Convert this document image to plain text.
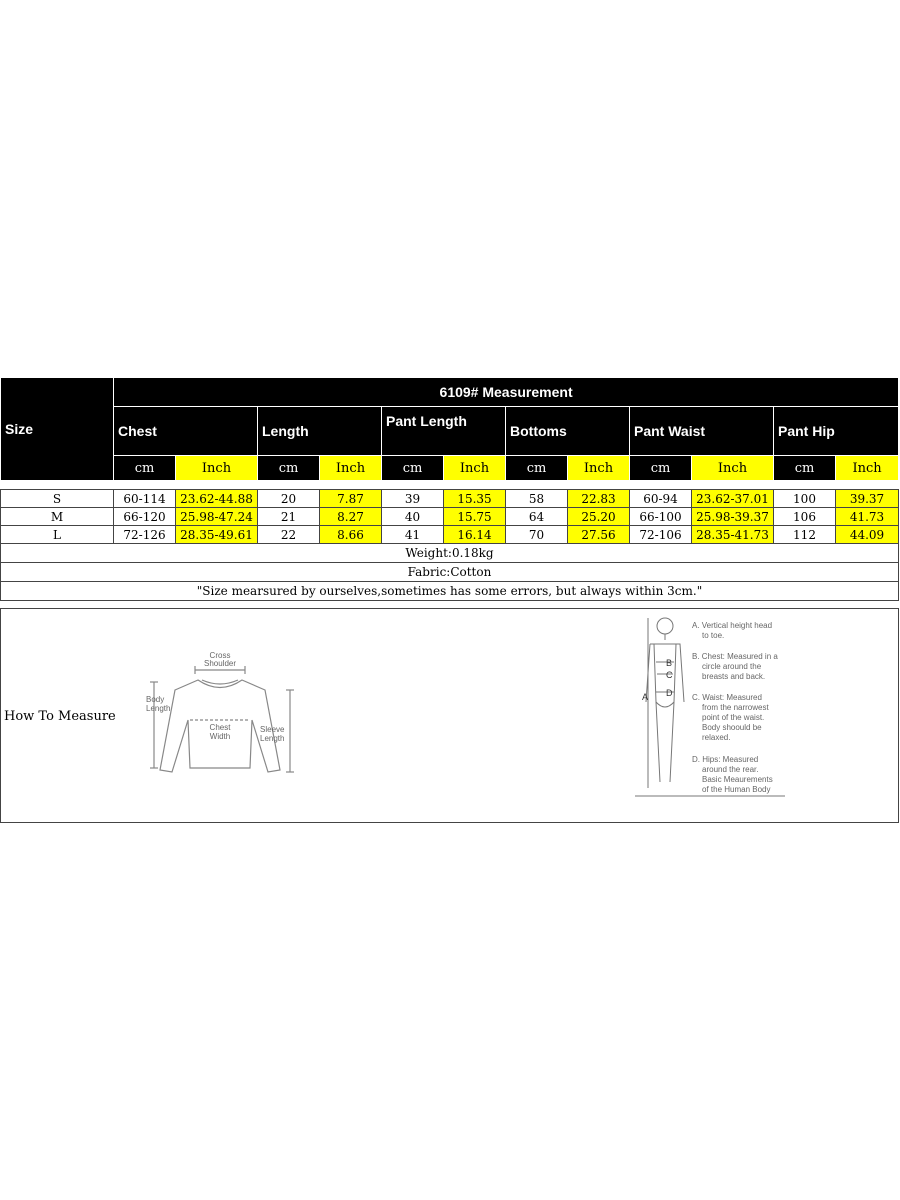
Size	6109# Measurement											
	Chest		Length		Pant Length		Bottoms		Pant Waist		Pant Hip	
	cm	Inch	cm	Inch	cm	Inch	cm	Inch	cm	Inch	cm	Inch
S	60-114	23.62-44.88	20	7.87	39	15.35	58	22.83	60-94	23.62-37.01	100	39.37
M	66-120	25.98-47.24	21	8.27	40	15.75	64	25.20	66-100	25.98-39.37	106	41.73
L	72-126	28.35-49.61	22	8.66	41	16.14	70	27.56	72-106	28.35-41.73	112	44.09
Weight:0.18kg												
Fabric:Cotton												
"Size mearsured by ourselves,sometimes has some errors, but always within 3cm."												
How To Measure
Cross
Shoulder
Body
Length
Chest
Width
Sleeve
Length
A
B
C
D
A. Vertical height head
to toe.
B. Chest: Measured in a
circle around the
breasts and back.
C. Waist: Measured
from the narrowest
point of the waist.
Body shoould be
relaxed.
D. Hips: Measured
around the rear.
Basic Meaurements
of the Human Body
